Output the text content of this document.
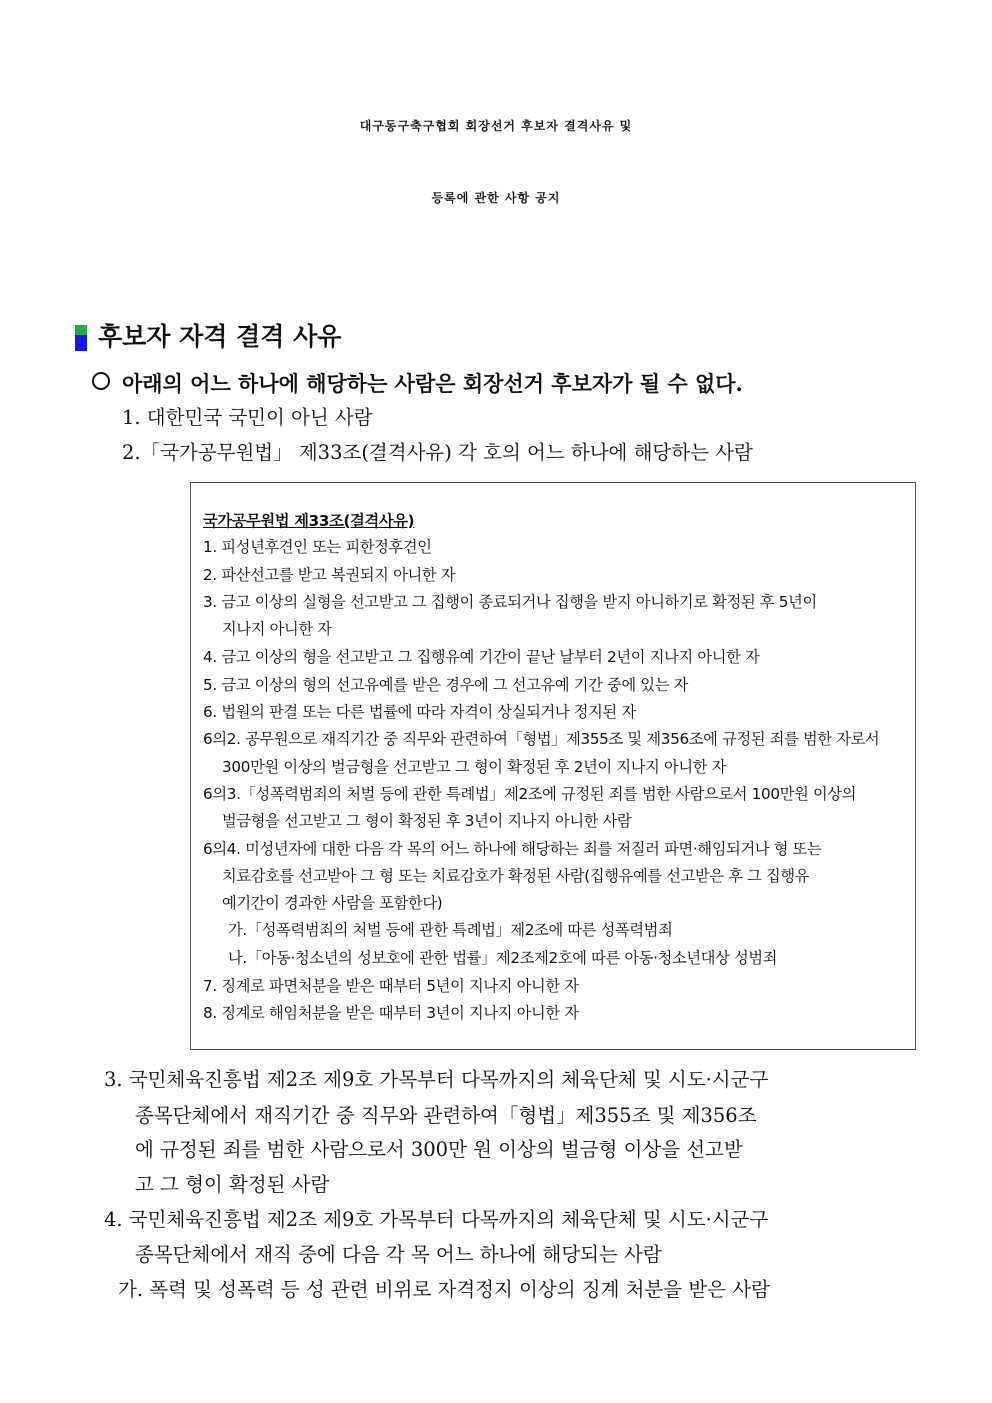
대구동구축구협회 회장선거 후보자 결격사유 및
등록에 관한 사항 공지
후보자 자격 결격 사유
아래의 어느 하나에 해당하는 사람은 회장선거 후보자가 될 수 없다.
1. 대한민국 국민이 아닌 사람
2.「국가공무원법」 제33조(결격사유) 각 호의 어느 하나에 해당하는 사람
국가공무원법 제33조(결격사유)
1. 피성년후견인 또는 피한정후견인
2. 파산선고를 받고 복권되지 아니한 자
3. 금고 이상의 실형을 선고받고 그 집행이 종료되거나 집행을 받지 아니하기로 확정된 후 5년이
지나지 아니한 자
4. 금고 이상의 형을 선고받고 그 집행유예 기간이 끝난 날부터 2년이 지나지 아니한 자
5. 금고 이상의 형의 선고유예를 받은 경우에 그 선고유예 기간 중에 있는 자
6. 법원의 판결 또는 다른 법률에 따라 자격이 상실되거나 정지된 자
6의2. 공무원으로 재직기간 중 직무와 관련하여「형법」제355조 및 제356조에 규정된 죄를 범한 자로서
300만원 이상의 벌금형을 선고받고 그 형이 확정된 후 2년이 지나지 아니한 자
6의3.「성폭력범죄의 처벌 등에 관한 특례법」제2조에 규정된 죄를 범한 사람으로서 100만원 이상의
벌금형을 선고받고 그 형이 확정된 후 3년이 지나지 아니한 사람
6의4. 미성년자에 대한 다음 각 목의 어느 하나에 해당하는 죄를 저질러 파면·해임되거나 형 또는
치료감호를 선고받아 그 형 또는 치료감호가 확정된 사람(집행유예를 선고받은 후 그 집행유
예기간이 경과한 사람을 포함한다)
가.「성폭력범죄의 처벌 등에 관한 특례법」제2조에 따른 성폭력범죄
나.「아동·청소년의 성보호에 관한 법률」제2조제2호에 따른 아동·청소년대상 성범죄
7. 징계로 파면처분을 받은 때부터 5년이 지나지 아니한 자
8. 징계로 해임처분을 받은 때부터 3년이 지나지 아니한 자
3. 국민체육진흥법 제2조 제9호 가목부터 다목까지의 체육단체 및 시도·시군구
종목단체에서 재직기간 중 직무와 관련하여「형법」제355조 및 제356조
에 규정된 죄를 범한 사람으로서 300만 원 이상의 벌금형 이상을 선고받
고 그 형이 확정된 사람
4. 국민체육진흥법 제2조 제9호 가목부터 다목까지의 체육단체 및 시도·시군구
종목단체에서 재직 중에 다음 각 목 어느 하나에 해당되는 사람
가. 폭력 및 성폭력 등 성 관련 비위로 자격정지 이상의 징계 처분을 받은 사람
